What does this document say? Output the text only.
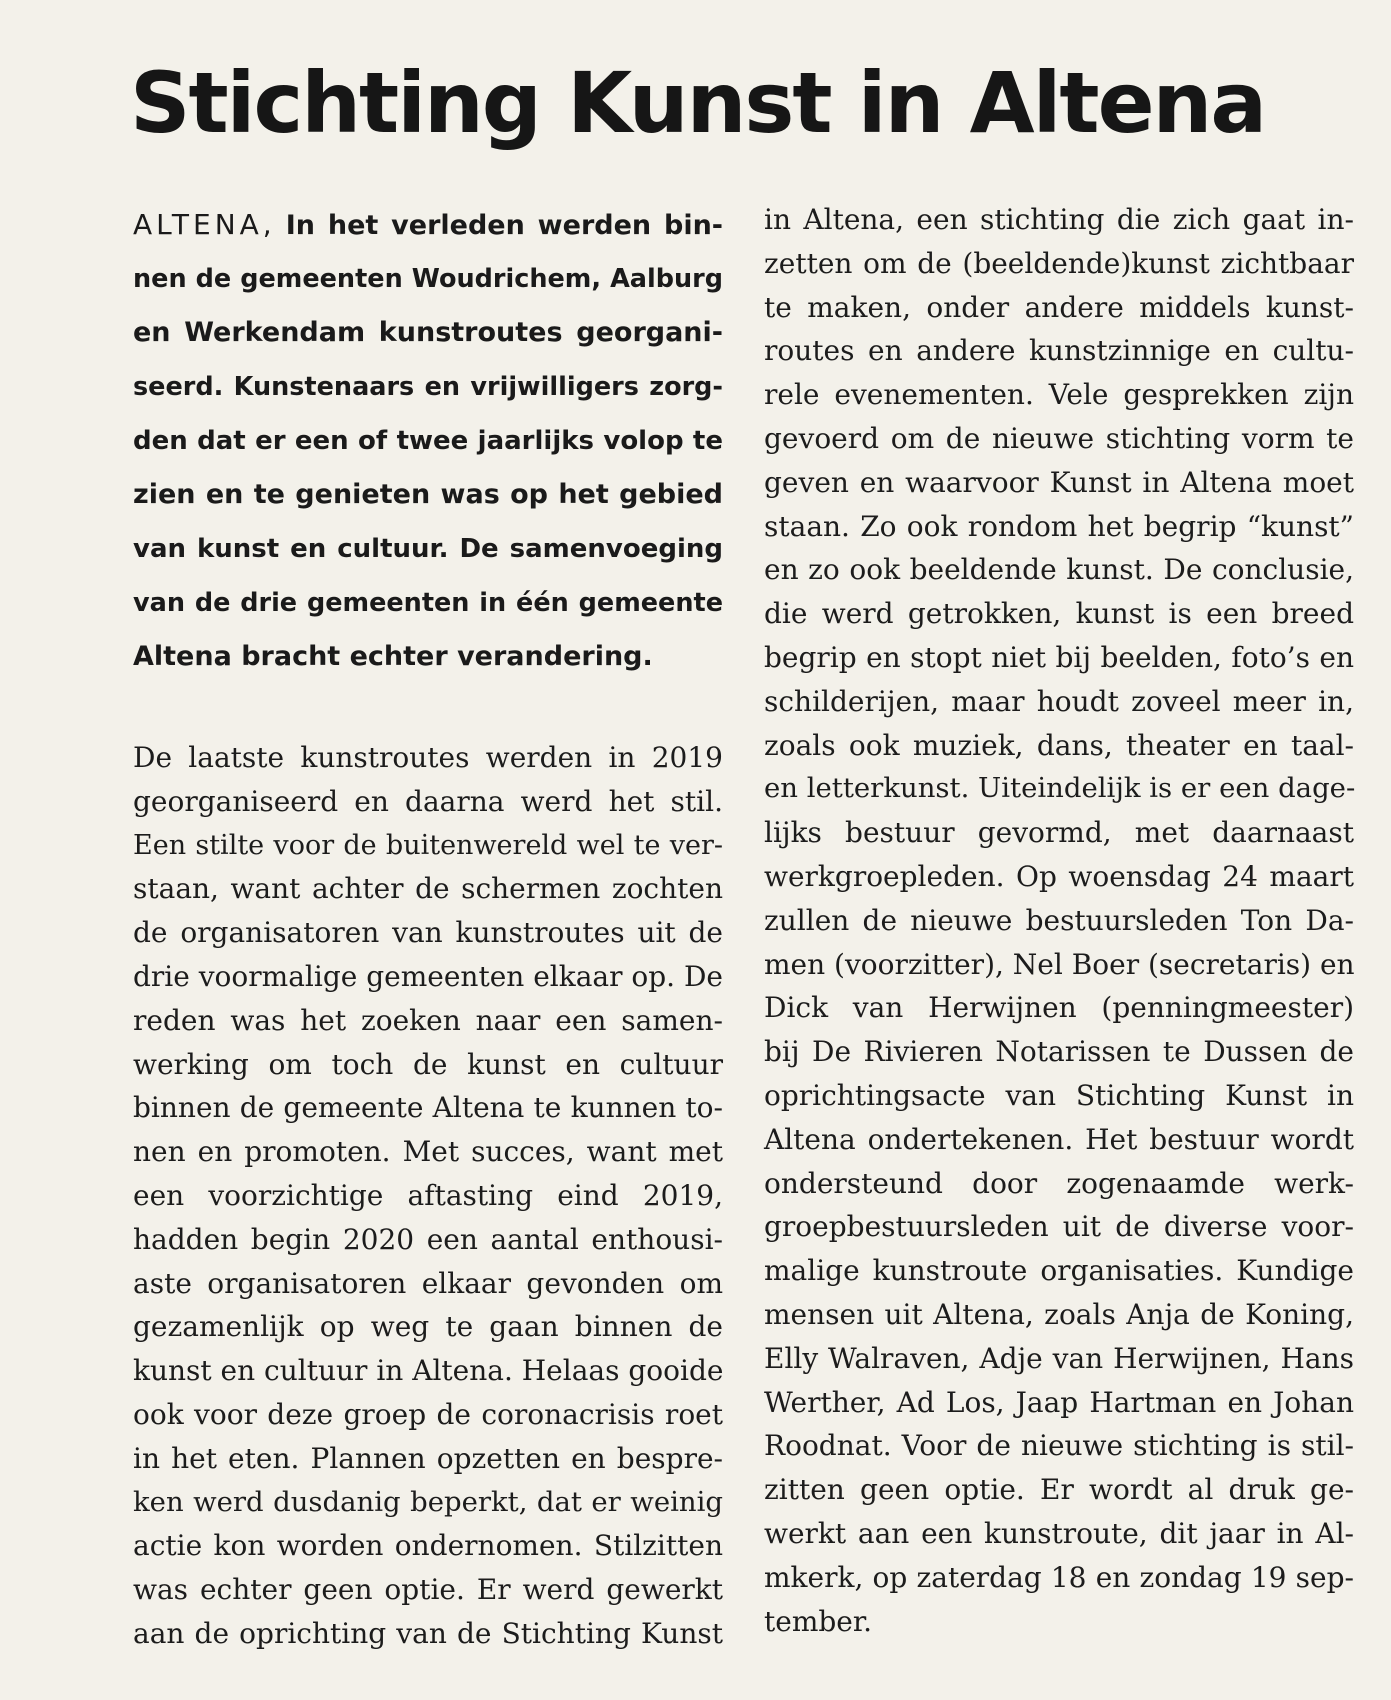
Stichting Kunst in Altena
ALTENA, In het verleden werden bin-
nen de gemeenten Woudrichem, Aalburg
en Werkendam kunstroutes georgani-
seerd. Kunstenaars en vrijwilligers zorg-
den dat er een of twee jaarlijks volop te
zien en te genieten was op het gebied
van kunst en cultuur. De samenvoeging
van de drie gemeenten in één gemeente
Altena bracht echter verandering.
De laatste kunstroutes werden in 2019
georganiseerd en daarna werd het stil.
Een stilte voor de buitenwereld wel te ver-
staan, want achter de schermen zochten
de organisatoren van kunstroutes uit de
drie voormalige gemeenten elkaar op. De
reden was het zoeken naar een samen-
werking om toch de kunst en cultuur
binnen de gemeente Altena te kunnen to-
nen en promoten. Met succes, want met
een voorzichtige aftasting eind 2019,
hadden begin 2020 een aantal enthousi-
aste organisatoren elkaar gevonden om
gezamenlijk op weg te gaan binnen de
kunst en cultuur in Altena. Helaas gooide
ook voor deze groep de coronacrisis roet
in het eten. Plannen opzetten en bespre-
ken werd dusdanig beperkt, dat er weinig
actie kon worden ondernomen. Stilzitten
was echter geen optie. Er werd gewerkt
aan de oprichting van de Stichting Kunst
in Altena, een stichting die zich gaat in-
zetten om de (beeldende)kunst zichtbaar
te maken, onder andere middels kunst-
routes en andere kunstzinnige en cultu-
rele evenementen. Vele gesprekken zijn
gevoerd om de nieuwe stichting vorm te
geven en waarvoor Kunst in Altena moet
staan. Zo ook rondom het begrip “kunst”
en zo ook beeldende kunst. De conclusie,
die werd getrokken, kunst is een breed
begrip en stopt niet bij beelden, foto’s en
schilderijen, maar houdt zoveel meer in,
zoals ook muziek, dans, theater en taal-
en letterkunst. Uiteindelijk is er een dage-
lijks bestuur gevormd, met daarnaast
werkgroepleden. Op woensdag 24 maart
zullen de nieuwe bestuursleden Ton Da-
men (voorzitter), Nel Boer (secretaris) en
Dick van Herwijnen (penningmeester)
bij De Rivieren Notarissen te Dussen de
oprichtingsacte van Stichting Kunst in
Altena ondertekenen. Het bestuur wordt
ondersteund door zogenaamde werk-
groepbestuursleden uit de diverse voor-
malige kunstroute organisaties. Kundige
mensen uit Altena, zoals Anja de Koning,
Elly Walraven, Adje van Herwijnen, Hans
Werther, Ad Los, Jaap Hartman en Johan
Roodnat. Voor de nieuwe stichting is stil-
zitten geen optie. Er wordt al druk ge-
werkt aan een kunstroute, dit jaar in Al-
mkerk, op zaterdag 18 en zondag 19 sep-
tember.
